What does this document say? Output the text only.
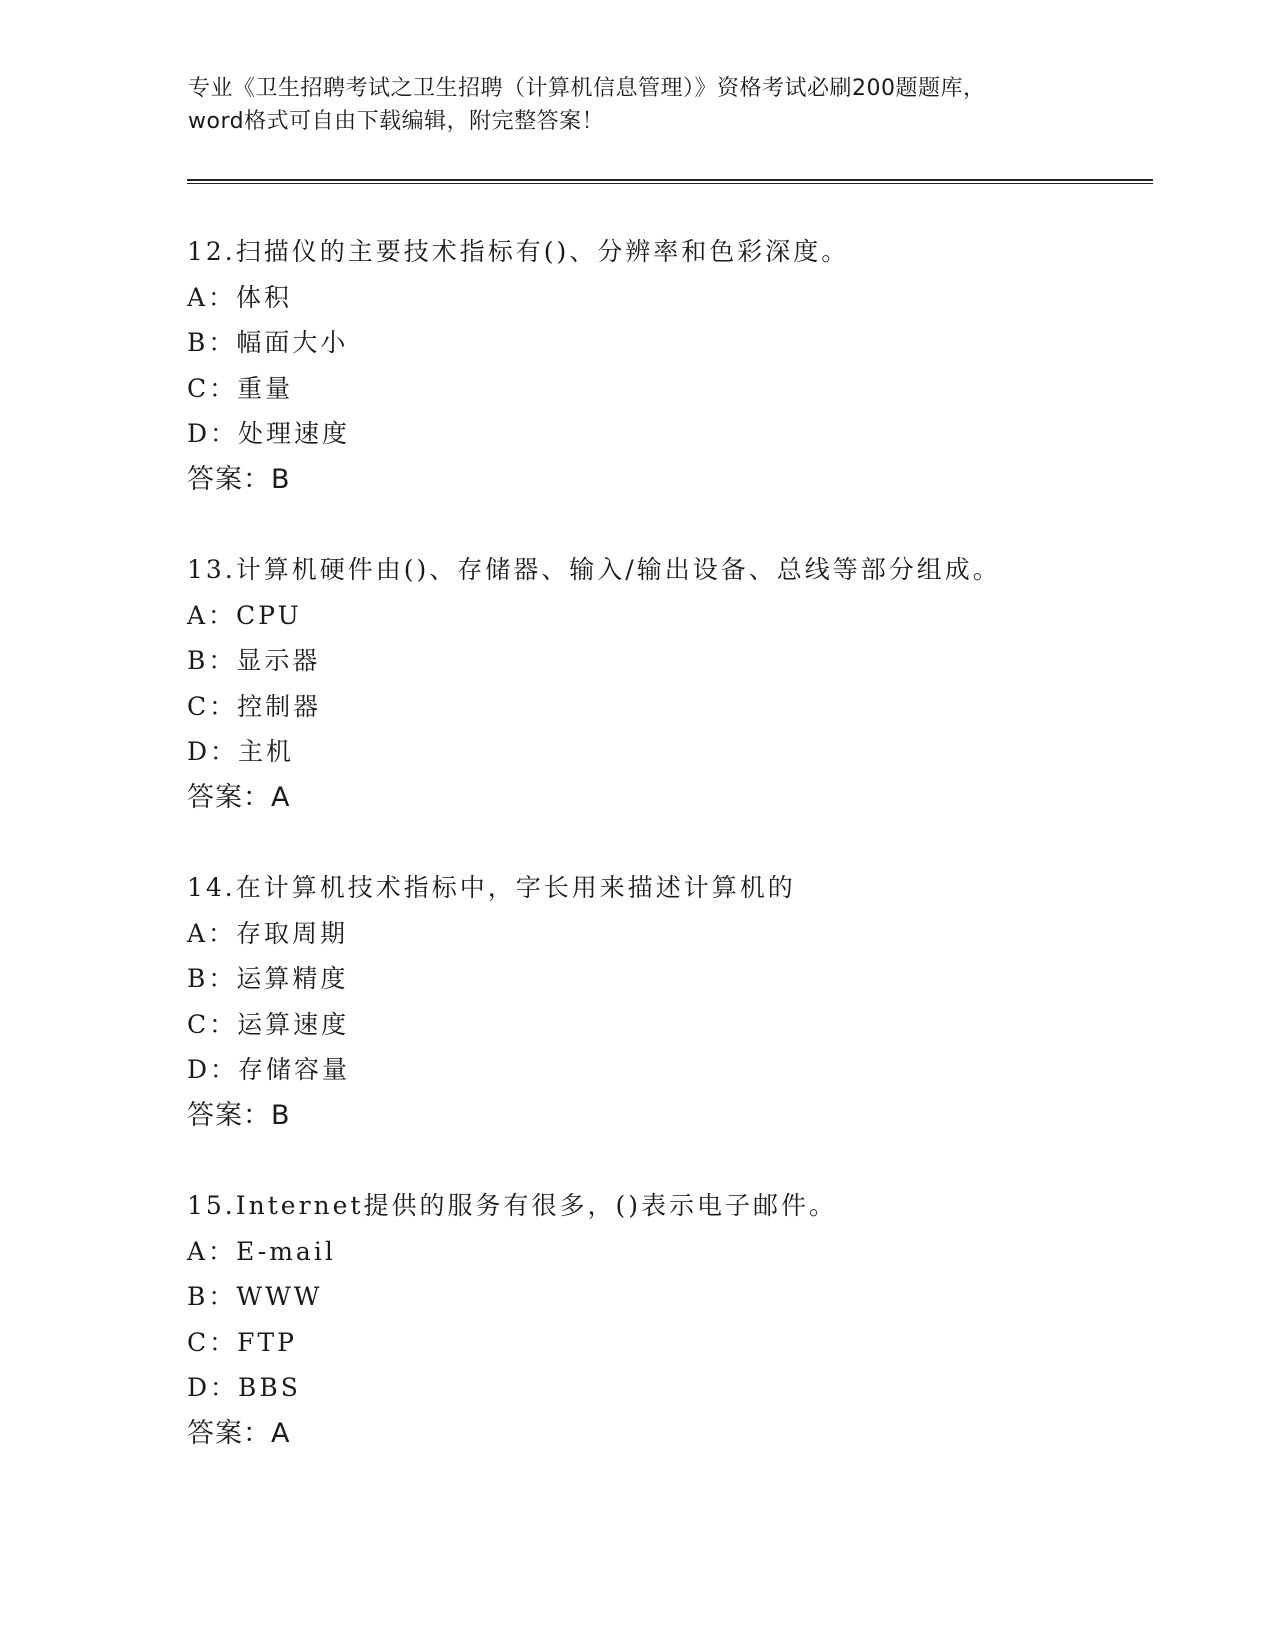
专业《卫生招聘考试之卫生招聘（计算机信息管理）》资格考试必刷200题题库，
word格式可自由下载编辑，附完整答案！
12.扫描仪的主要技术指标有()、分辨率和色彩深度。
A：体积
B：幅面大小
C：重量
D：处理速度
答案：B
13.计算机硬件由()、存储器、输入/输出设备、总线等部分组成。
A：CPU
B：显示器
C：控制器
D：主机
答案：A
14.在计算机技术指标中，字长用来描述计算机的
A：存取周期
B：运算精度
C：运算速度
D：存储容量
答案：B
15.Internet提供的服务有很多，()表示电子邮件。
A：E-mail
B：WWW
C：FTP
D：BBS
答案：A
